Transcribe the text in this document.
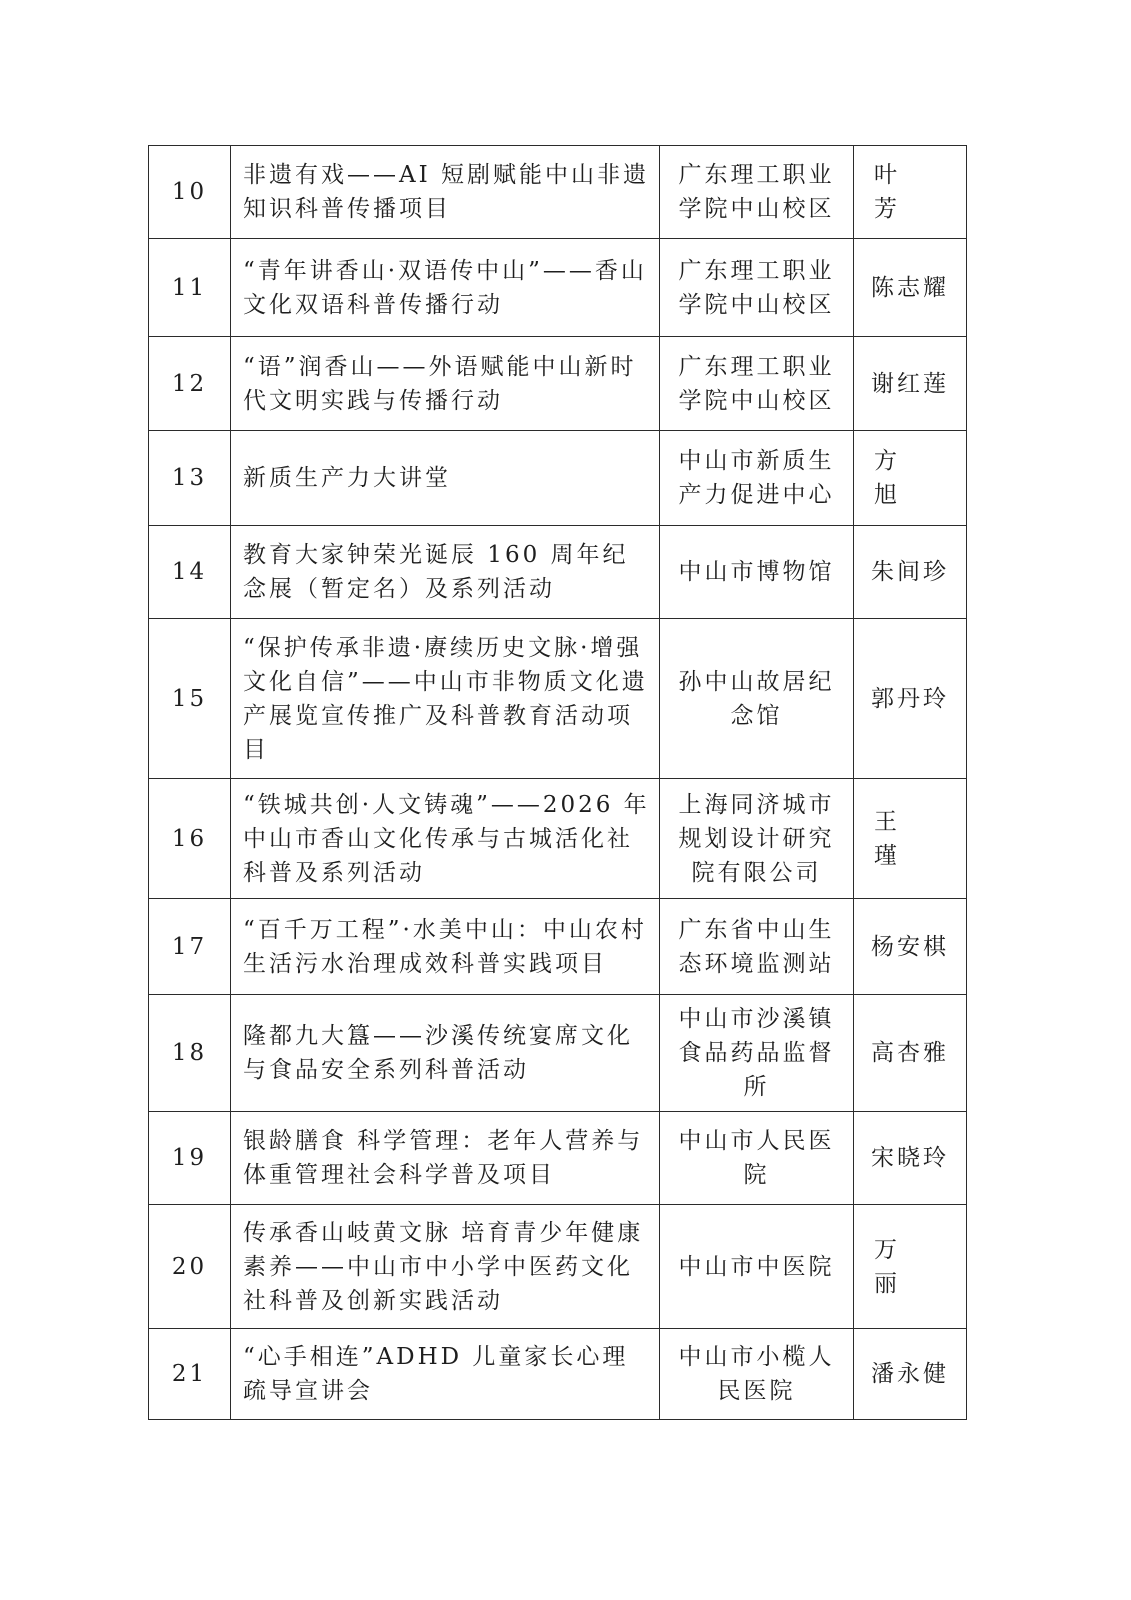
10	非遗有戏——AI 短剧赋能中山非遗知识科普传播项目	广东理工职业学院中山校区	叶　芳
11	“青年讲香山·双语传中山”——香山文化双语科普传播行动	广东理工职业学院中山校区	陈志耀
12	“语”润香山——外语赋能中山新时代文明实践与传播行动	广东理工职业学院中山校区	谢红莲
13	新质生产力大讲堂	中山市新质生产力促进中心	方　旭
14	教育大家钟荣光诞辰 160 周年纪念展（暂定名）及系列活动	中山市博物馆	朱间珍
15	“保护传承非遗·赓续历史文脉·增强文化自信”——中山市非物质文化遗产展览宣传推广及科普教育活动项目	孙中山故居纪念馆	郭丹玲
16	“铁城共创·人文铸魂”——2026 年中山市香山文化传承与古城活化社科普及系列活动	上海同济城市规划设计研究院有限公司	王　瑾
17	“百千万工程”·水美中山：中山农村生活污水治理成效科普实践项目	广东省中山生态环境监测站	杨安棋
18	隆都九大簋——沙溪传统宴席文化与食品安全系列科普活动	中山市沙溪镇食品药品监督所	高杏雅
19	银龄膳食 科学管理：老年人营养与体重管理社会科学普及项目	中山市人民医院	宋晓玲
20	传承香山岐黄文脉 培育青少年健康素养——中山市中小学中医药文化社科普及创新实践活动	中山市中医院	万　丽
21	“心手相连”ADHD 儿童家长心理疏导宣讲会	中山市小榄人民医院	潘永健
